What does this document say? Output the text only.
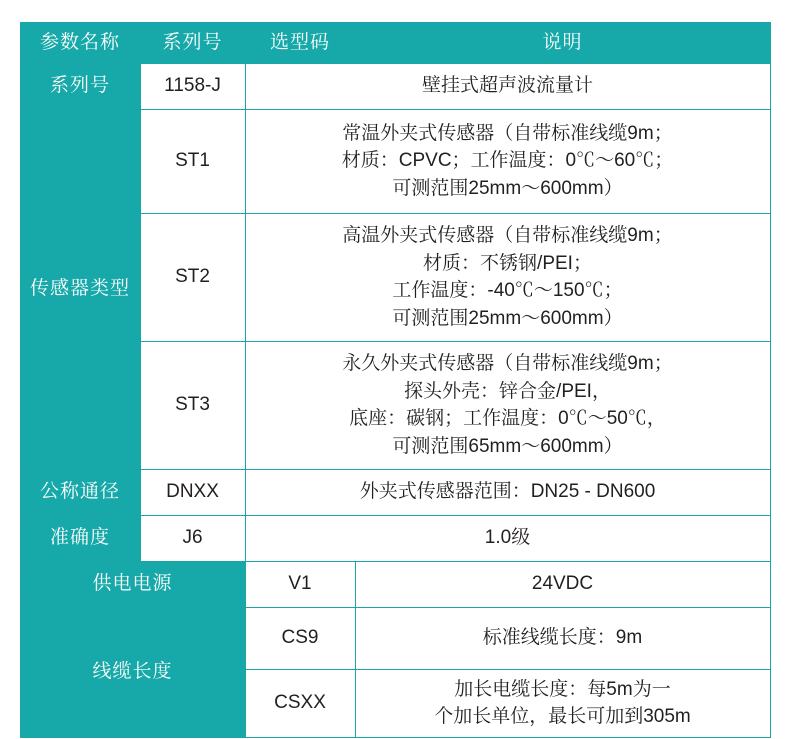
参数名称	系列号	选型码	说明
系列号	1158-J	壁挂式超声波流量计	
传感器类型	ST1	常温外夹式传感器（自带标准线缆9m；
材质：CPVC；工作温度：0℃～60℃；
可测范围25mm～600mm）	

	ST2	高温外夹式传感器（自带标准线缆9m；
材质：不锈钢/PEI；
工作温度：-40℃～150℃；
可测范围25mm～600mm）	

	ST3	永久外夹式传感器（自带标准线缆9m；
探头外壳：锌合金/PEI，
底座：碳钢；工作温度：0℃～50℃，
可测范围65mm～600mm）	

公称通径	DNXX	外夹式传感器范围：DN25 - DN600	
准确度	J6	1.0级	
供电电源		V1	24VDC
线缆长度		CS9	标准线缆长度：9m
		CSXX	加长电缆长度：每5m为一
个加长单位，最长可加到305m
